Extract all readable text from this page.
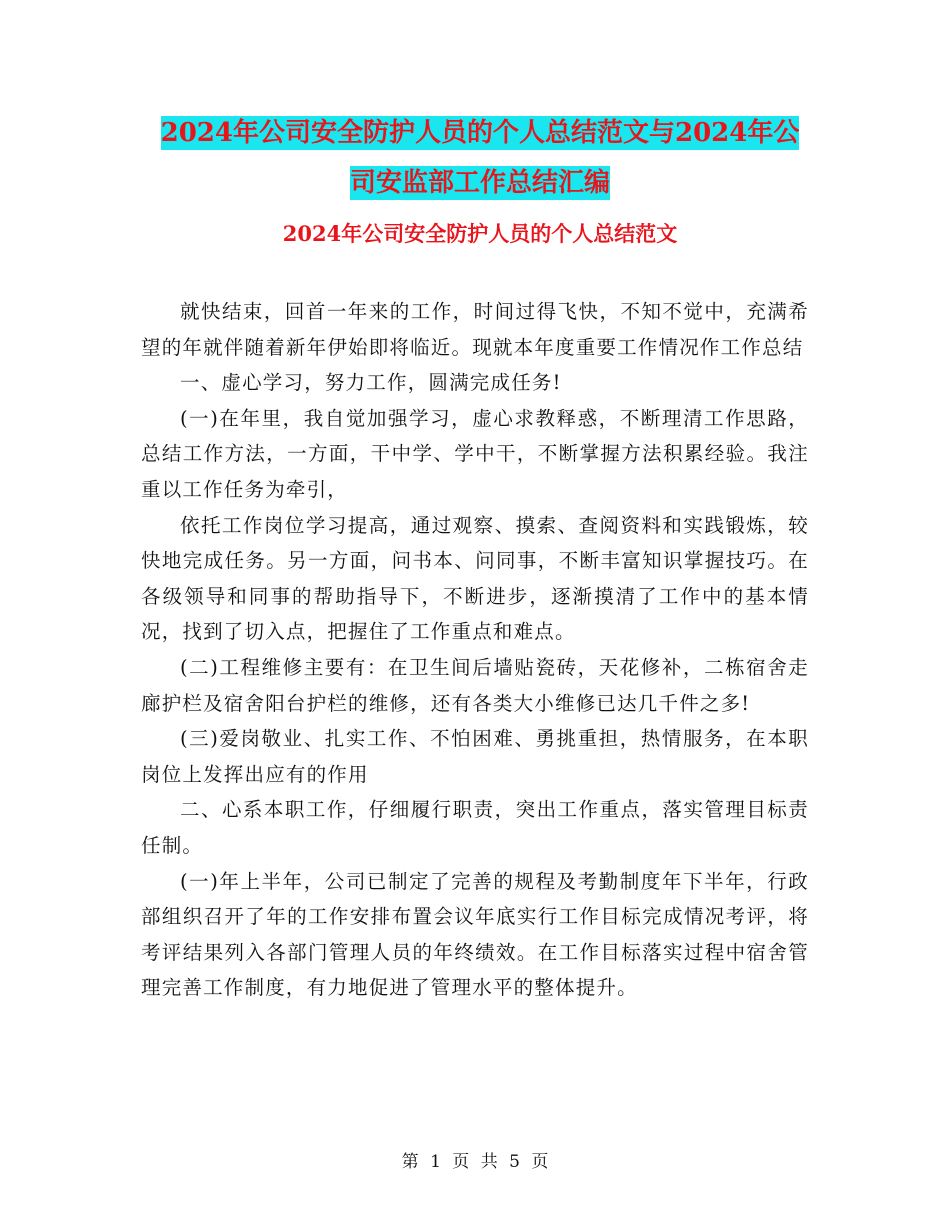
2024年公司安全防护人员的个人总结范文与2024年公
司安监部工作总结汇编
2024年公司安全防护人员的个人总结范文

就快结束，回首一年来的工作，时间过得飞快，不知不觉中，充满希望的年就伴随着新年伊始即将临近。现就本年度重要工作情况作工作总结

一、虚心学习，努力工作，圆满完成任务!

(一)在年里，我自觉加强学习，虚心求教释惑，不断理清工作思路，总结工作方法，一方面，干中学、学中干，不断掌握方法积累经验。我注重以工作任务为牵引，

依托工作岗位学习提高，通过观察、摸索、查阅资料和实践锻炼，较快地完成任务。另一方面，问书本、问同事，不断丰富知识掌握技巧。在各级领导和同事的帮助指导下，不断进步，逐渐摸清了工作中的基本情况，找到了切入点，把握住了工作重点和难点。

(二)工程维修主要有：在卫生间后墙贴瓷砖，天花修补，二栋宿舍走廊护栏及宿舍阳台护栏的维修，还有各类大小维修已达几千件之多!

(三)爱岗敬业、扎实工作、不怕困难、勇挑重担，热情服务，在本职岗位上发挥出应有的作用

二、心系本职工作，仔细履行职责，突出工作重点，落实管理目标责任制。

(一)年上半年，公司已制定了完善的规程及考勤制度年下半年，行政部组织召开了年的工作安排布置会议年底实行工作目标完成情况考评，将考评结果列入各部门管理人员的年终绩效。在工作目标落实过程中宿舍管理完善工作制度，有力地促进了管理水平的整体提升。

第 1 页 共 5 页
